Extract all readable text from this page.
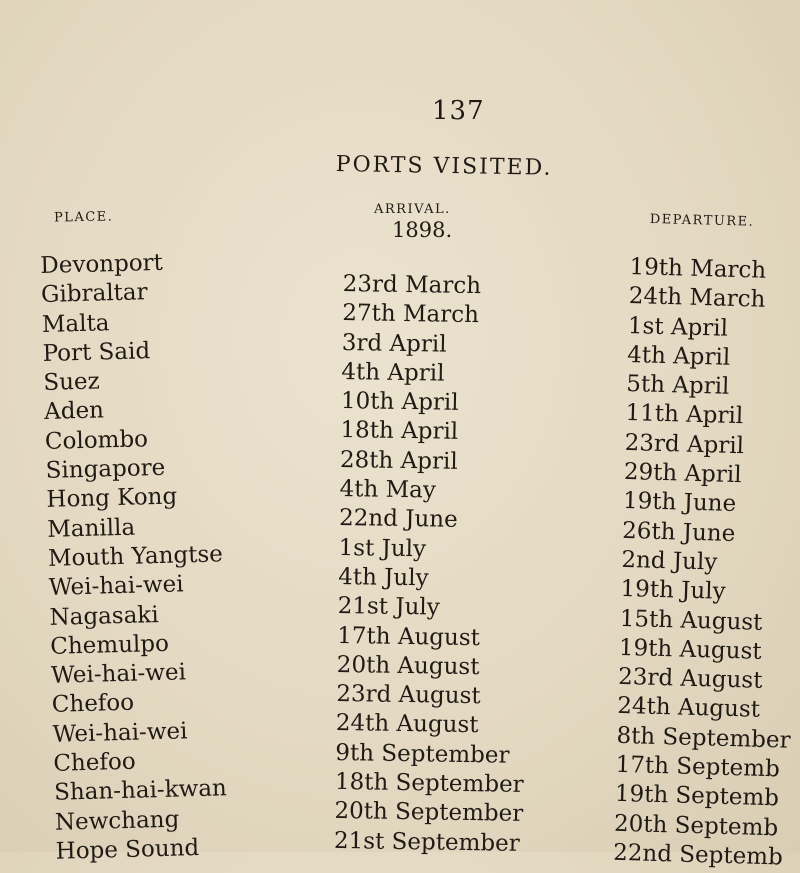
137
PORTS VISITED.
PLACE.	ARRIVAL.
1898.	DEPARTURE.
Devonport
Gibraltar
Malta
Port Said
Suez
Aden
Colombo
Singapore
Hong Kong
Manilla
Mouth Yangtse
Wei-hai-wei
Nagasaki
Chemulpo
Wei-hai-wei
Chefoo
Wei-hai-wei
Chefoo
Shan-hai-kwan
Newchang
Hope Sound
23rd March
27th March
3rd April
4th April
10th April
18th April
28th April
4th May
22nd June
1st July
4th July
21st July
17th August
20th August
23rd August
24th August
9th September
18th September
20th September
21st September
19th March
24th March
1st April
4th April
5th April
11th April
23rd April
29th April
19th June
26th June
2nd July
19th July
15th August
19th August
23rd August
24th August
8th September
17th Septemb
19th Septemb
20th Septemb
22nd Septemb
